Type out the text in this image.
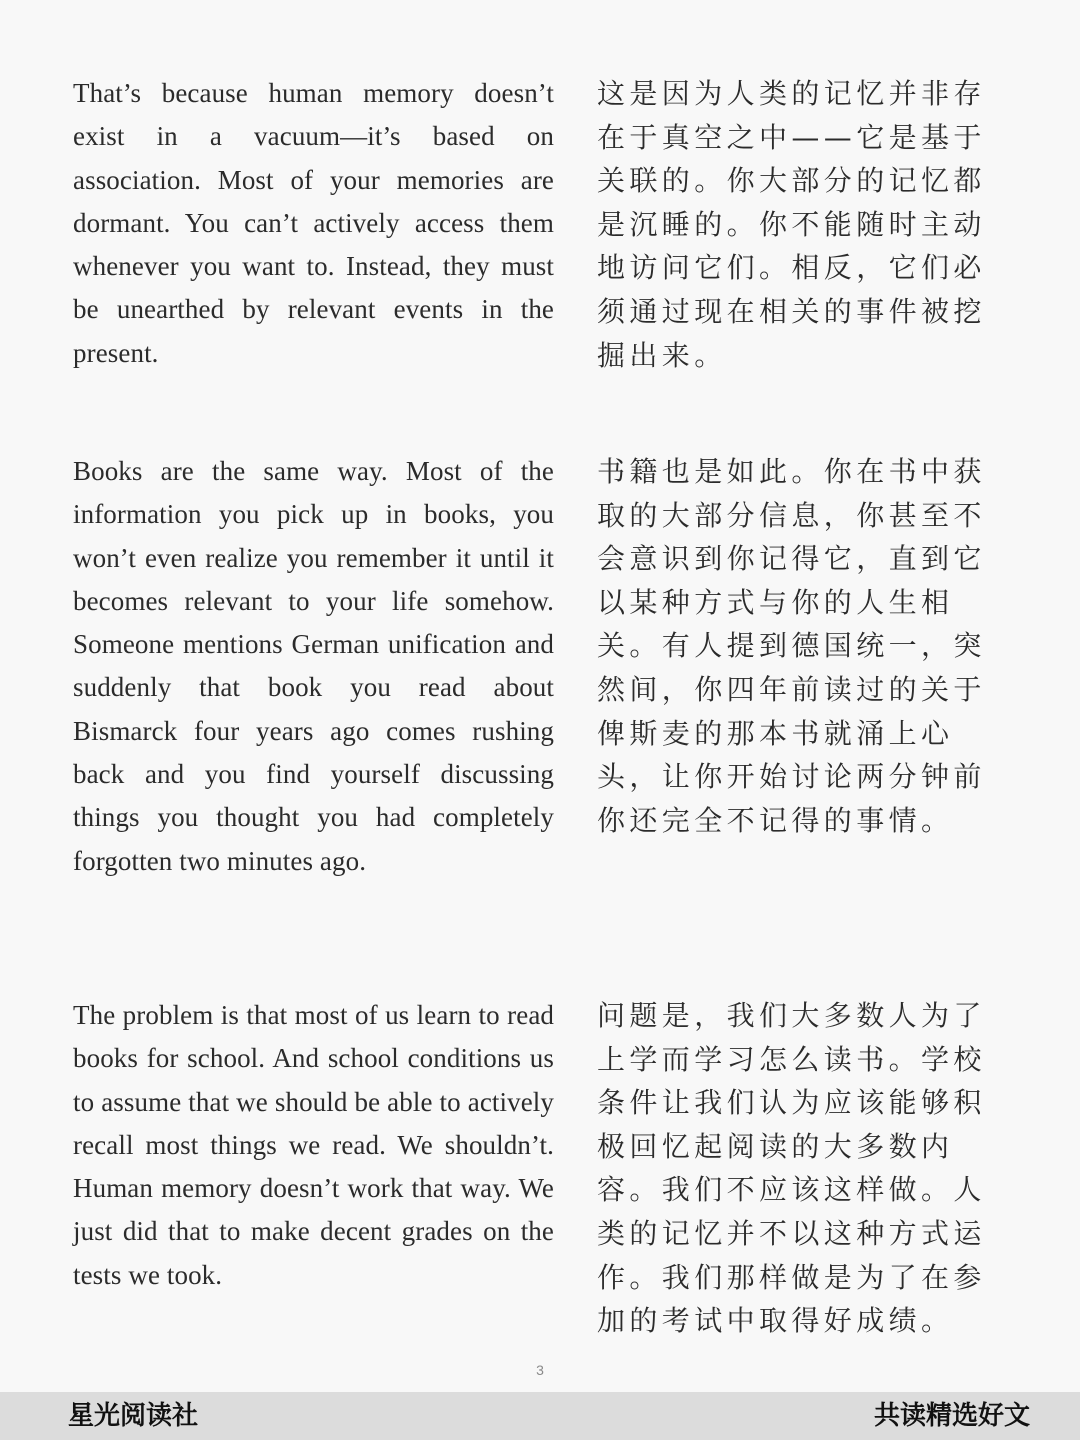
That’s because human memory doesn’t exist in a vacuum—it’s based on association. Most of your memories are dormant. You can’t actively access them whenever you want to. Instead, they must be unearthed by relevant events in the present.
这是因为人类的记忆并非存在于真空之中——它是基于关联的。你大部分的记忆都是沉睡的。你不能随时主动地访问它们。相反，它们必须通过现在相关的事件被挖掘出来。
Books are the same way. Most of the information you pick up in books, you won’t even realize you remember it until it becomes relevant to your life somehow. Someone mentions German unification and suddenly that book you read about Bismarck four years ago comes rushing back and you find yourself discussing things you thought you had completely forgotten two minutes ago.
书籍也是如此。你在书中获取的大部分信息，你甚至不会意识到你记得它，直到它以某种方式与你的人生相关。有人提到德国统一，突然间，你四年前读过的关于俾斯麦的那本书就涌上心头，让你开始讨论两分钟前你还完全不记得的事情。
The problem is that most of us learn to read books for school. And school conditions us to assume that we should be able to actively recall most things we read. We shouldn’t. Human memory doesn’t work that way. We just did that to make decent grades on the tests we took.
问题是，我们大多数人为了上学而学习怎么读书。学校条件让我们认为应该能够积极回忆起阅读的大多数内容。我们不应该这样做。人类的记忆并不以这种方式运作。我们那样做是为了在参加的考试中取得好成绩。
3
星光阅读社	共读精选好文
